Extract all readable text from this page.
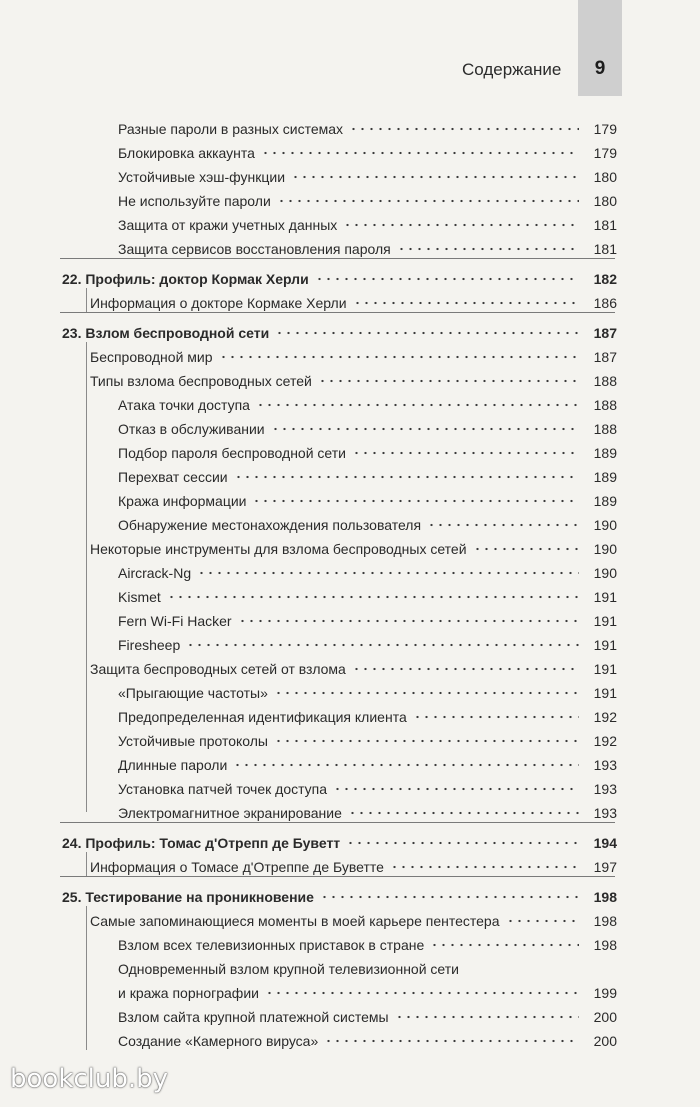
Содержание	9
Разные пароли в разных системах	179
Блокировка аккаунта	179
Устойчивые хэш-функции	180
Не используйте пароли	180
Защита от кражи учетных данных	181
Защита сервисов восстановления пароля	181
22. Профиль: доктор Кормак Херли	182
Информация о докторе Кормаке Херли	186
23. Взлом беспроводной сети	187
Беспроводной мир	187
Типы взлома беспроводных сетей	188
Атака точки доступа	188
Отказ в обслуживании	188
Подбор пароля беспроводной сети	189
Перехват сессии	189
Кража информации	189
Обнаружение местонахождения пользователя	190
Некоторые инструменты для взлома беспроводных сетей	190
Aircrack-Ng	190
Kismet	191
Fern Wi-Fi Hacker	191
Firesheep	191
Защита беспроводных сетей от взлома	191
«Прыгающие частоты»	191
Предопределенная идентификация клиента	192
Устойчивые протоколы	192
Длинные пароли	193
Установка патчей точек доступа	193
Электромагнитное экранирование	193
24. Профиль: Томас д'Отрепп де Буветт	194
Информация о Томасе д'Отреппе де Буветте	197
25. Тестирование на проникновение	198
Самые запоминающиеся моменты в моей карьере пентестера	198
Взлом всех телевизионных приставок в стране	198
Одновременный взлом крупной телевизионной сети
и кража порнографии	199
Взлом сайта крупной платежной системы	200
Создание «Камерного вируса»	200
bookclub.by
